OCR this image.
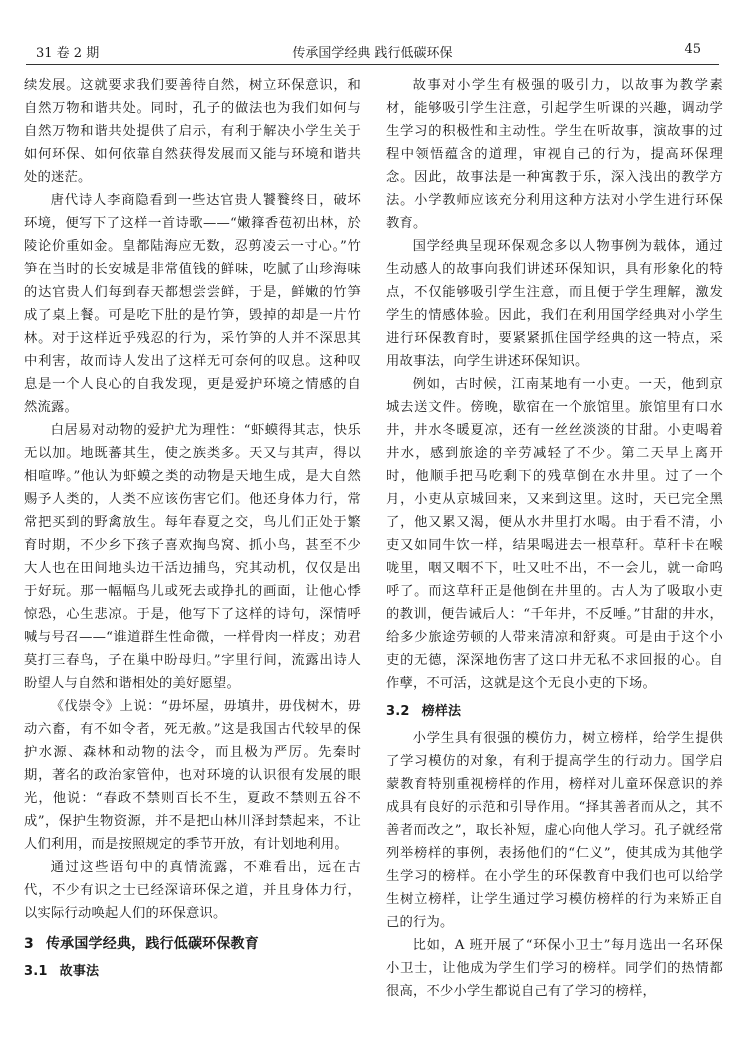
31 卷 2 期	传承国学经典 践行低碳环保	45

续发展。这就要求我们要善待自然，树立环保意识，和自然万物和谐共处。同时，孔子的做法也为我们如何与自然万物和谐共处提供了启示，有利于解决小学生关于如何环保、如何依靠自然获得发展而又能与环境和谐共处的迷茫。

唐代诗人李商隐看到一些达官贵人饕餮终日，破坏环境，便写下了这样一首诗歌——“嫩箨香苞初出林，於陵论价重如金。皇都陆海应无数，忍剪凌云一寸心。”竹笋在当时的长安城是非常值钱的鲜味，吃腻了山珍海味的达官贵人们每到春天都想尝尝鲜，于是，鲜嫩的竹笋成了桌上餐。可是吃下肚的是竹笋，毁掉的却是一片竹林。对于这样近乎残忍的行为，采竹笋的人并不深思其中利害，故而诗人发出了这样无可奈何的叹息。这种叹息是一个人良心的自我发现，更是爱护环境之情感的自然流露。

白居易对动物的爱护尤为理性：“虾蟆得其志，快乐无以加。地既蕃其生，使之族类多。天又与其声，得以相喧哗。”他认为虾蟆之类的动物是天地生成，是大自然赐予人类的，人类不应该伤害它们。他还身体力行，常常把买到的野禽放生。每年春夏之交，鸟儿们正处于繁育时期，不少乡下孩子喜欢掏鸟窝、抓小鸟，甚至不少大人也在田间地头边干活边捕鸟，究其动机，仅仅是出于好玩。那一幅幅鸟儿或死去或挣扎的画面，让他心悸惊恐，心生悲凉。于是，他写下了这样的诗句，深情呼喊与号召——“谁道群生性命微，一样骨肉一样皮；劝君莫打三春鸟，子在巢中盼母归。”字里行间，流露出诗人盼望人与自然和谐相处的美好愿望。

《伐崇令》上说：“毋坏屋，毋填井，毋伐树木，毋动六畜，有不如令者，死无赦。”这是我国古代较早的保护水源、森林和动物的法令，而且极为严厉。先秦时期，著名的政治家管仲，也对环境的认识很有发展的眼光，他说：“春政不禁则百长不生，夏政不禁则五谷不成”，保护生物资源，并不是把山林川泽封禁起来，不让人们利用，而是按照规定的季节开放，有计划地利用。

通过这些语句中的真情流露，不难看出，远在古代，不少有识之士已经深谙环保之道，并且身体力行，以实际行动唤起人们的环保意识。

3 传承国学经典，践行低碳环保教育
3.1 故事法

故事对小学生有极强的吸引力，以故事为教学素材，能够吸引学生注意，引起学生听课的兴趣，调动学生学习的积极性和主动性。学生在听故事，演故事的过程中领悟蕴含的道理，审视自己的行为，提高环保理念。因此，故事法是一种寓教于乐，深入浅出的教学方法。小学教师应该充分利用这种方法对小学生进行环保教育。

国学经典呈现环保观念多以人物事例为载体，通过生动感人的故事向我们讲述环保知识，具有形象化的特点，不仅能够吸引学生注意，而且便于学生理解，激发学生的情感体验。因此，我们在利用国学经典对小学生进行环保教育时，要紧紧抓住国学经典的这一特点，采用故事法，向学生讲述环保知识。

例如，古时候，江南某地有一小吏。一天，他到京城去送文件。傍晚，歇宿在一个旅馆里。旅馆里有口水井，井水冬暖夏凉，还有一丝丝淡淡的甘甜。小吏喝着井水，感到旅途的辛劳减轻了不少。第二天早上离开时，他顺手把马吃剩下的残草倒在水井里。过了一个月，小吏从京城回来，又来到这里。这时，天已完全黑了，他又累又渴，便从水井里打水喝。由于看不清，小吏又如同牛饮一样，结果喝进去一根草秆。草秆卡在喉咙里，咽又咽不下，吐又吐不出，不一会儿，就一命呜呼了。而这草秆正是他倒在井里的。古人为了吸取小吏的教训，便告诫后人：“千年井，不反唾。”甘甜的井水，给多少旅途劳顿的人带来清凉和舒爽。可是由于这个小吏的无德，深深地伤害了这口井无私不求回报的心。自作孽，不可活，这就是这个无良小吏的下场。

3.2 榜样法

小学生具有很强的模仿力，树立榜样，给学生提供了学习模仿的对象，有利于提高学生的行动力。国学启蒙教育特别重视榜样的作用，榜样对儿童环保意识的养成具有良好的示范和引导作用。“择其善者而从之，其不善者而改之”，取长补短，虚心向他人学习。孔子就经常列举榜样的事例，表扬他们的“仁义”，使其成为其他学生学习的榜样。在小学生的环保教育中我们也可以给学生树立榜样，让学生通过学习模仿榜样的行为来矫正自己的行为。

比如，A 班开展了“环保小卫士”每月选出一名环保小卫士，让他成为学生们学习的榜样。同学们的热情都很高，不少小学生都说自己有了学习的榜样，
